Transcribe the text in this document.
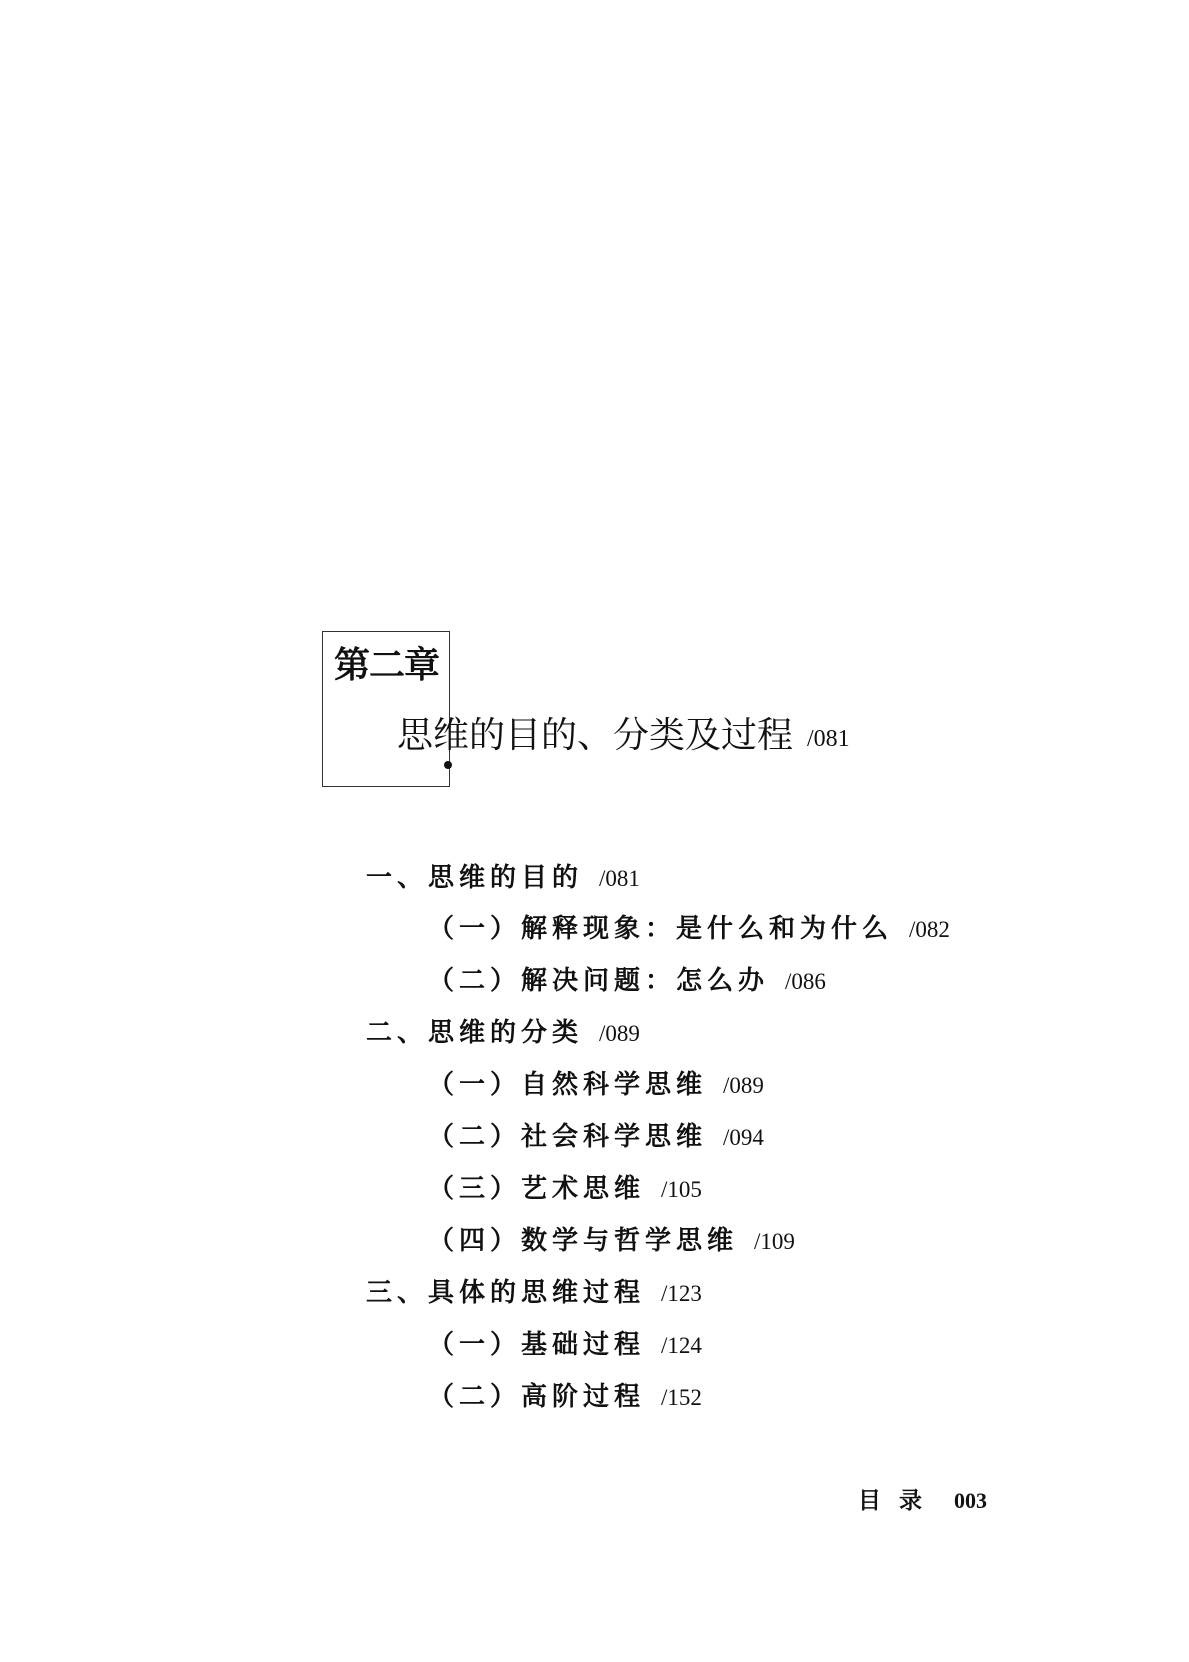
第二章
思维的目的、分类及过程 /081
一、思维的目的 /081
（一）解释现象：是什么和为什么 /082
（二）解决问题：怎么办 /086
二、思维的分类 /089
（一）自然科学思维 /089
（二）社会科学思维 /094
（三）艺术思维 /105
（四）数学与哲学思维 /109
三、具体的思维过程 /123
（一）基础过程 /124
（二）高阶过程 /152
目录 003
